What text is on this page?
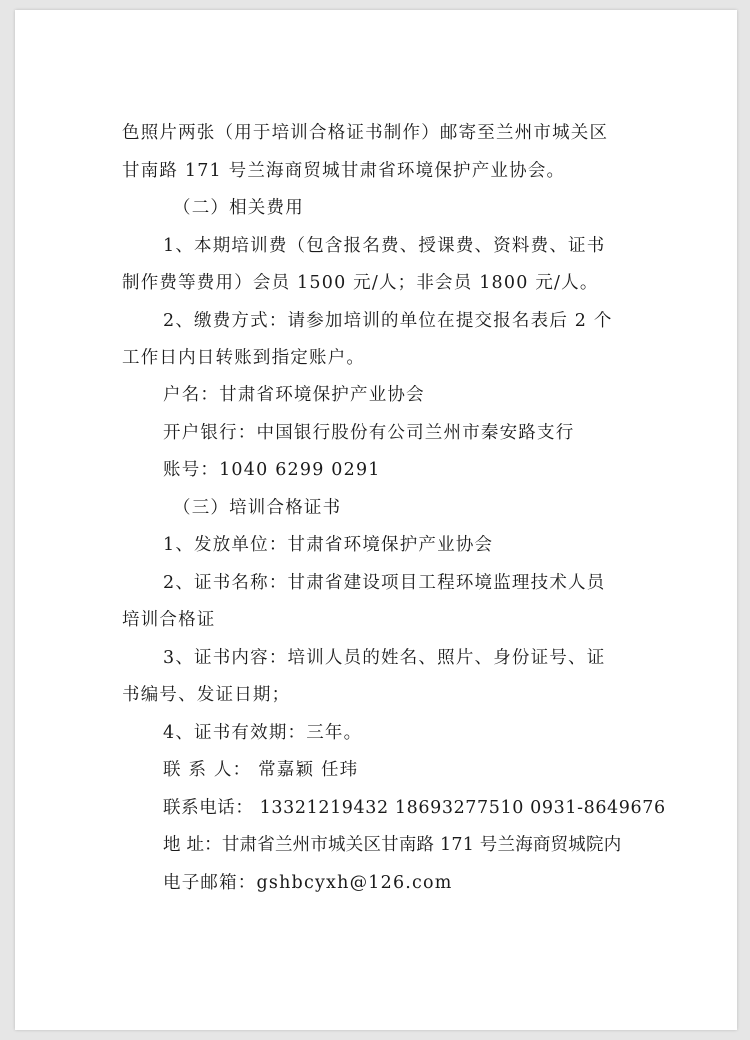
色照片两张（用于培训合格证书制作）邮寄至兰州市城关区
甘南路 171 号兰海商贸城甘肃省环境保护产业协会。
（二）相关费用
1、本期培训费（包含报名费、授课费、资料费、证书
制作费等费用）会员 1500 元/人；非会员 1800 元/人。
2、缴费方式：请参加培训的单位在提交报名表后 2 个
工作日内日转账到指定账户。
户名：甘肃省环境保护产业协会
开户银行：中国银行股份有公司兰州市秦安路支行
账号：1040 6299 0291
（三）培训合格证书
1、发放单位：甘肃省环境保护产业协会
2、证书名称：甘肃省建设项目工程环境监理技术人员
培训合格证
3、证书内容：培训人员的姓名、照片、身份证号、证
书编号、发证日期；
4、证书有效期：三年。
联 系 人： 常嘉颖 任玮
联系电话： 13321219432 18693277510 0931-8649676
地 址：甘肃省兰州市城关区甘南路 171 号兰海商贸城院内
电子邮箱：gshbcyxh@126.com
